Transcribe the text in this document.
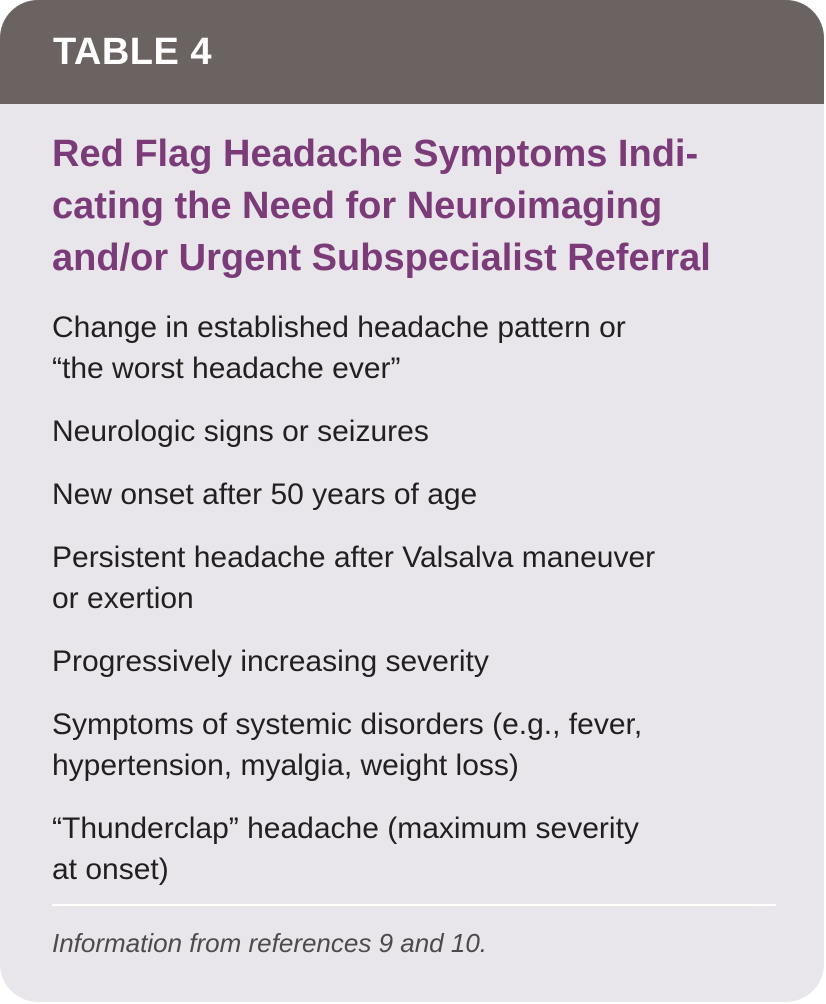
TABLE 4
Red Flag Headache Symptoms Indi-
cating the Need for Neuroimaging
and/or Urgent Subspecialist Referral
Change in established headache pattern or
“the worst headache ever”
Neurologic signs or seizures
New onset after 50 years of age
Persistent headache after Valsalva maneuver
or exertion
Progressively increasing severity
Symptoms of systemic disorders (e.g., fever,
hypertension, myalgia, weight loss)
“Thunderclap” headache (maximum severity
at onset)
Information from references 9 and 10.
